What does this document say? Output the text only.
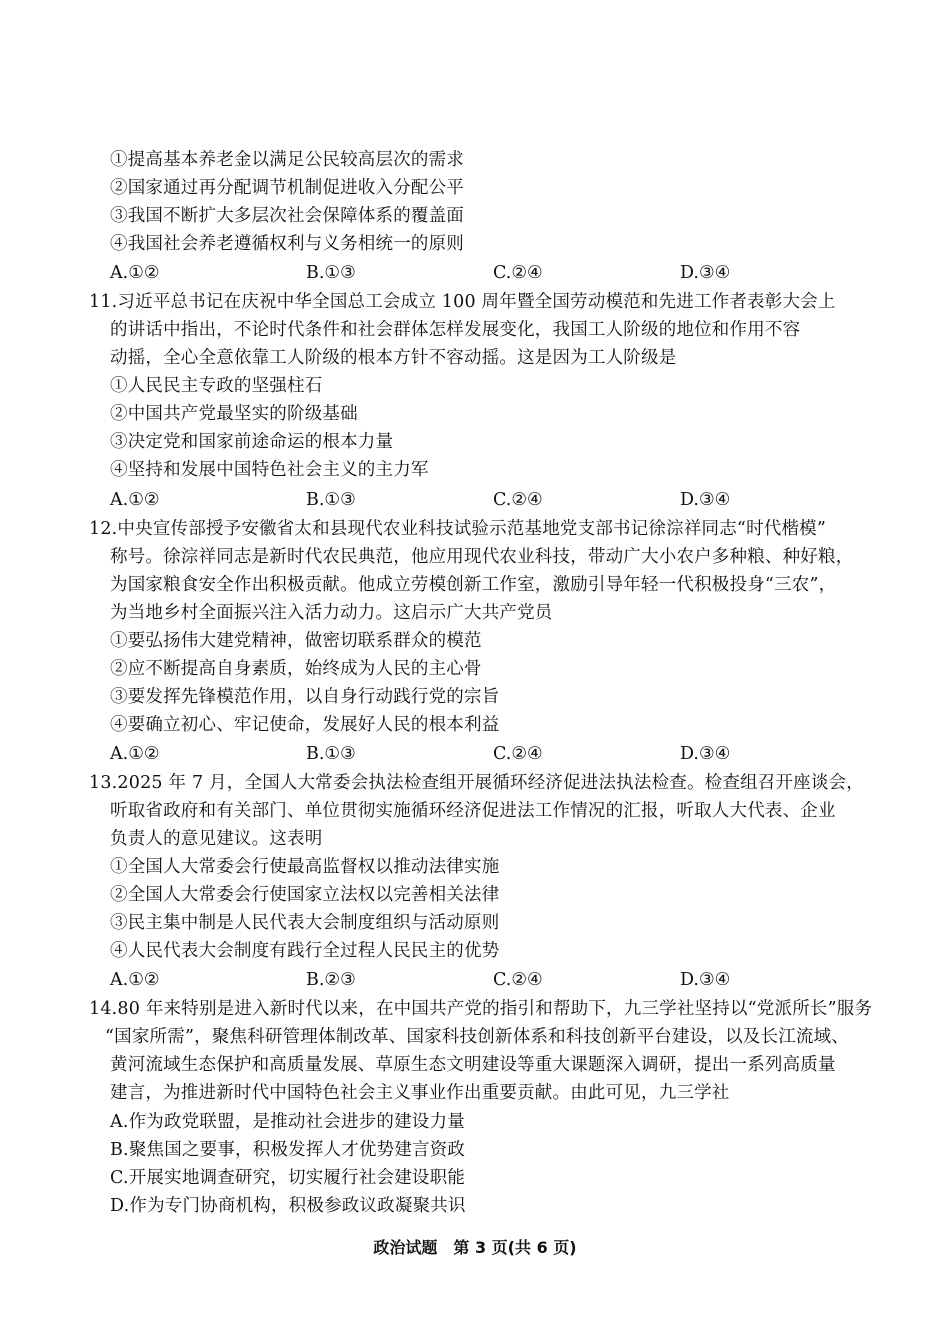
①提高基本养老金以满足公民较高层次的需求
②国家通过再分配调节机制促进收入分配公平
③我国不断扩大多层次社会保障体系的覆盖面
④我国社会养老遵循权利与义务相统一的原则
A.①②	B.①③	C.②④	D.③④
11.习近平总书记在庆祝中华全国总工会成立 100 周年暨全国劳动模范和先进工作者表彰大会上
的讲话中指出，不论时代条件和社会群体怎样发展变化，我国工人阶级的地位和作用不容
动摇，全心全意依靠工人阶级的根本方针不容动摇。这是因为工人阶级是
①人民民主专政的坚强柱石
②中国共产党最坚实的阶级基础
③决定党和国家前途命运的根本力量
④坚持和发展中国特色社会主义的主力军
A.①②	B.①③	C.②④	D.③④
12.中央宣传部授予安徽省太和县现代农业科技试验示范基地党支部书记徐淙祥同志“时代楷模”
称号。徐淙祥同志是新时代农民典范，他应用现代农业科技，带动广大小农户多种粮、种好粮，
为国家粮食安全作出积极贡献。他成立劳模创新工作室，激励引导年轻一代积极投身“三农”，
为当地乡村全面振兴注入活力动力。这启示广大共产党员
①要弘扬伟大建党精神，做密切联系群众的模范
②应不断提高自身素质，始终成为人民的主心骨
③要发挥先锋模范作用，以自身行动践行党的宗旨
④要确立初心、牢记使命，发展好人民的根本利益
A.①②	B.①③	C.②④	D.③④
13.2025 年 7 月，全国人大常委会执法检查组开展循环经济促进法执法检查。检查组召开座谈会，
听取省政府和有关部门、单位贯彻实施循环经济促进法工作情况的汇报，听取人大代表、企业
负责人的意见建议。这表明
①全国人大常委会行使最高监督权以推动法律实施
②全国人大常委会行使国家立法权以完善相关法律
③民主集中制是人民代表大会制度组织与活动原则
④人民代表大会制度有践行全过程人民民主的优势
A.①②	B.②③	C.②④	D.③④
14.80 年来特别是进入新时代以来，在中国共产党的指引和帮助下，九三学社坚持以“党派所长”服务
“国家所需”，聚焦科研管理体制改革、国家科技创新体系和科技创新平台建设，以及长江流域、
黄河流域生态保护和高质量发展、草原生态文明建设等重大课题深入调研，提出一系列高质量
建言，为推进新时代中国特色社会主义事业作出重要贡献。由此可见，九三学社
A.作为政党联盟，是推动社会进步的建设力量
B.聚焦国之要事，积极发挥人才优势建言资政
C.开展实地调查研究，切实履行社会建设职能
D.作为专门协商机构，积极参政议政凝聚共识
政治试题　第 3 页(共 6 页)
